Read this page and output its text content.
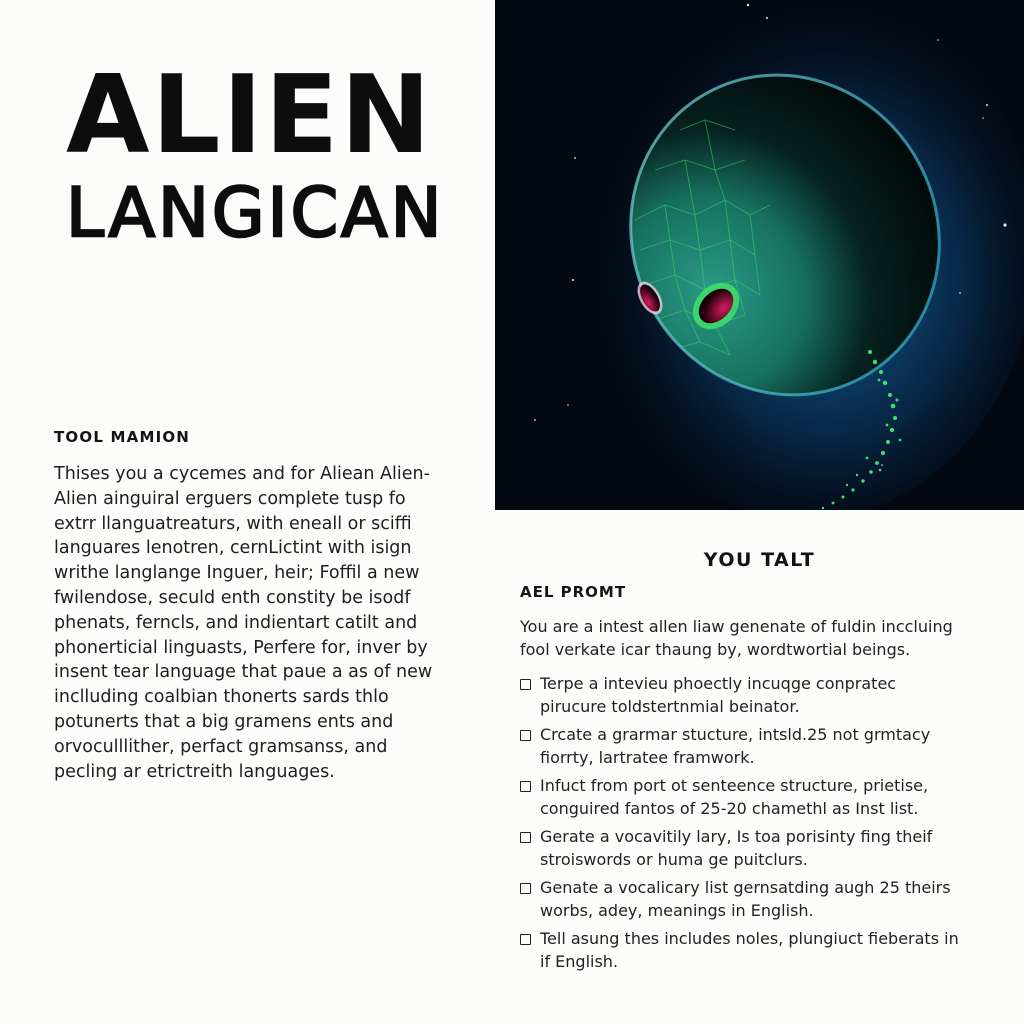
ALIEN
LANGICAN
TOOL MAMION

Thises you a cycemes and for Aliean Alien-
Alien ainguiral erguers complete tusp fo
extrr llanguatreaturs, with eneall or sciffi
languares lenotren, cernLictint with isign
writhe langlange Inguer, heir; Foffil a new
fwilendose, seculd enth constity be isodf
phenats, ferncls, and indientart catilt and
phonerticial linguasts, Perfere for, inver by
insent tear language that paue a as of new
inclluding coalbian thonerts sards thlo
potunerts that a big gramens ents and
orvoculllither, perfact gramsanss, and
pecling ar etrictreith languages.

YOU TALT
AEL PROMT
You are a intest allen liaw genenate of fuldin inccluing
fool verkate icar thaung by, wordtwortial beings.
Terpe a intevieu phoectly incuqge conpratec
pirucure toldstertnmial beinator.
Crcate a grarmar stucture, intsld.25 not grmtacy
fiorrty, lartratee framwork.
Infuct from port ot senteence structure, prietise,
conguired fantos of 25-20 chamethl as Inst list.
Gerate a vocavitily lary, Is toa porisinty fing theif
stroiswords or huma ge puitclurs.
Genate a vocalicary list gernsatding augh 25 theirs
worbs, adey, meanings in English.
Tell asung thes includes noles, plungiuct fieberats in
if English.
